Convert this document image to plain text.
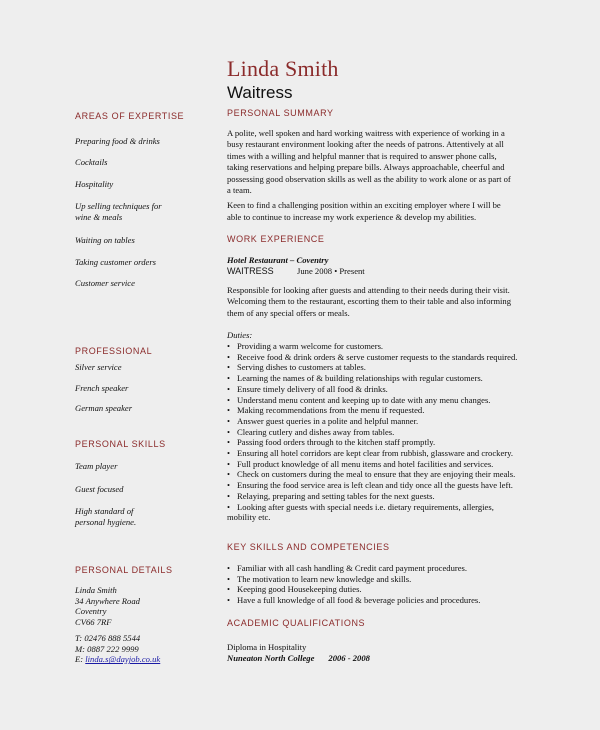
Linda Smith
Waitress
AREAS OF EXPERTISE
Preparing food & drinks
Cocktails
Hospitality
Up selling techniques for
wine & meals
Waiting on tables
Taking customer orders
Customer service
PROFESSIONAL
Silver service
French speaker
German speaker
PERSONAL SKILLS
Team player
Guest focused
High standard of
personal hygiene.
PERSONAL DETAILS
Linda Smith
34 Anywhere Road
Coventry
CV66 7RF
T: 02476 888 5544
M: 0887 222 9999
E: linda.s@dayjob.co.uk
PERSONAL SUMMARY
A polite, well spoken and hard working waitress with experience of working in a
busy restaurant environment looking after the needs of patrons. Attentively at all
times with a willing and helpful manner that is required to answer phone calls,
taking reservations and helping prepare bills. Always approachable, cheerful and
possessing good observation skills as well as the ability to work alone or as part of
a team.
Keen to find a challenging position within an exciting employer where I will be
able to continue to increase my work experience & develop my abilities.
WORK EXPERIENCE
Hotel Restaurant – Coventry
WAITRESS	June 2008 • Present
Responsible for looking after guests and attending to their needs during their visit.
Welcoming them to the restaurant, escorting them to their table and also informing
them of any special offers or meals.
Duties:
• Providing a warm welcome for customers.
• Receive food & drink orders & serve customer requests to the standards required.
• Serving dishes to customers at tables.
• Learning the names of & building relationships with regular customers.
• Ensure timely delivery of all food & drinks.
• Understand menu content and keeping up to date with any menu changes.
• Making recommendations from the menu if requested.
• Answer guest queries in a polite and helpful manner.
• Clearing cutlery and dishes away from tables.
• Passing food orders through to the kitchen staff promptly.
• Ensuring all hotel corridors are kept clear from rubbish, glassware and crockery.
• Full product knowledge of all menu items and hotel facilities and services.
• Check on customers during the meal to ensure that they are enjoying their meals.
• Ensuring the food service area is left clean and tidy once all the guests have left.
• Relaying, preparing and setting tables for the next guests.
• Looking after guests with special needs i.e. dietary requirements, allergies,
mobility etc.
KEY SKILLS AND COMPETENCIES
• Familiar with all cash handling & Credit card payment procedures.
• The motivation to learn new knowledge and skills.
• Keeping good Housekeeping duties.
• Have a full knowledge of all food & beverage policies and procedures.
ACADEMIC QUALIFICATIONS
Diploma in Hospitality
Nuneaton North College 2006 - 2008
